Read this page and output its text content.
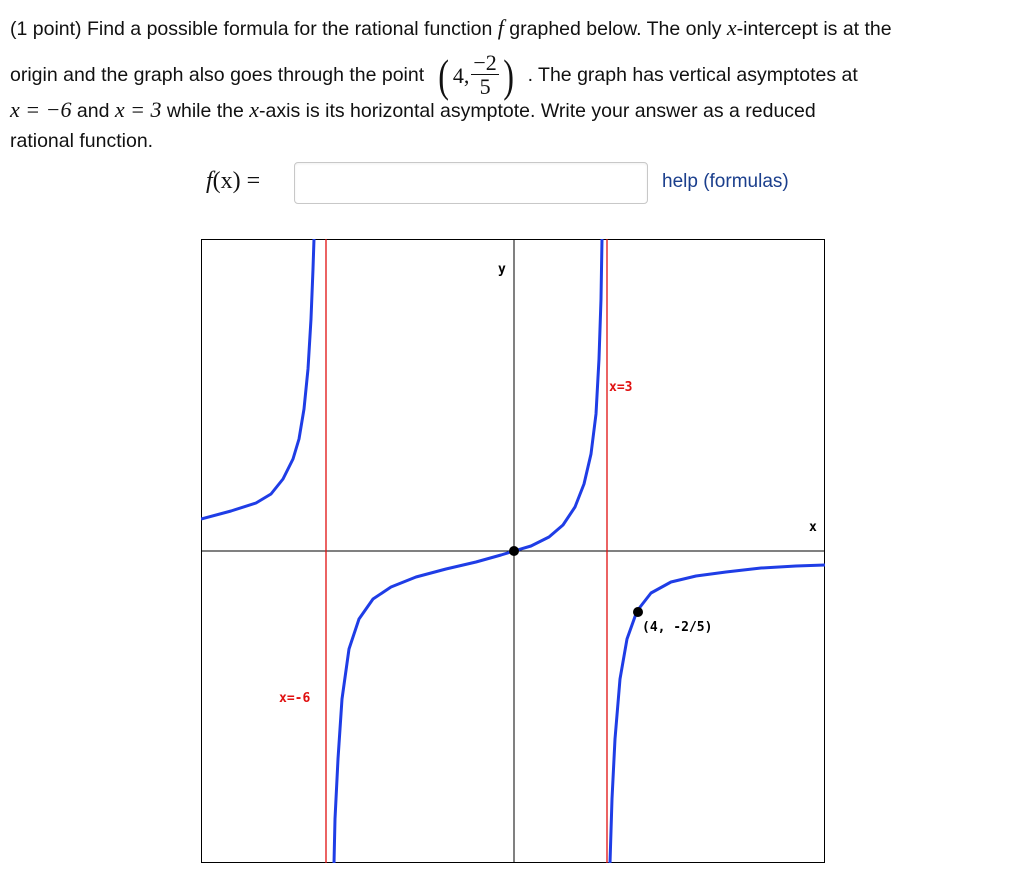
(1 point) Find a possible formula for the rational function f graphed below. The only x-intercept is at the
origin and the graph also goes through the point ( 4, $\frac{-2}{5}$ ) . The graph has vertical asymptotes at
x = −6 and x = 3 while the x-axis is its horizontal asymptote. Write your answer as a reduced
rational function.
f(x) =	help (formulas)
y
x
x=3
x=-6
(4, -2/5)
